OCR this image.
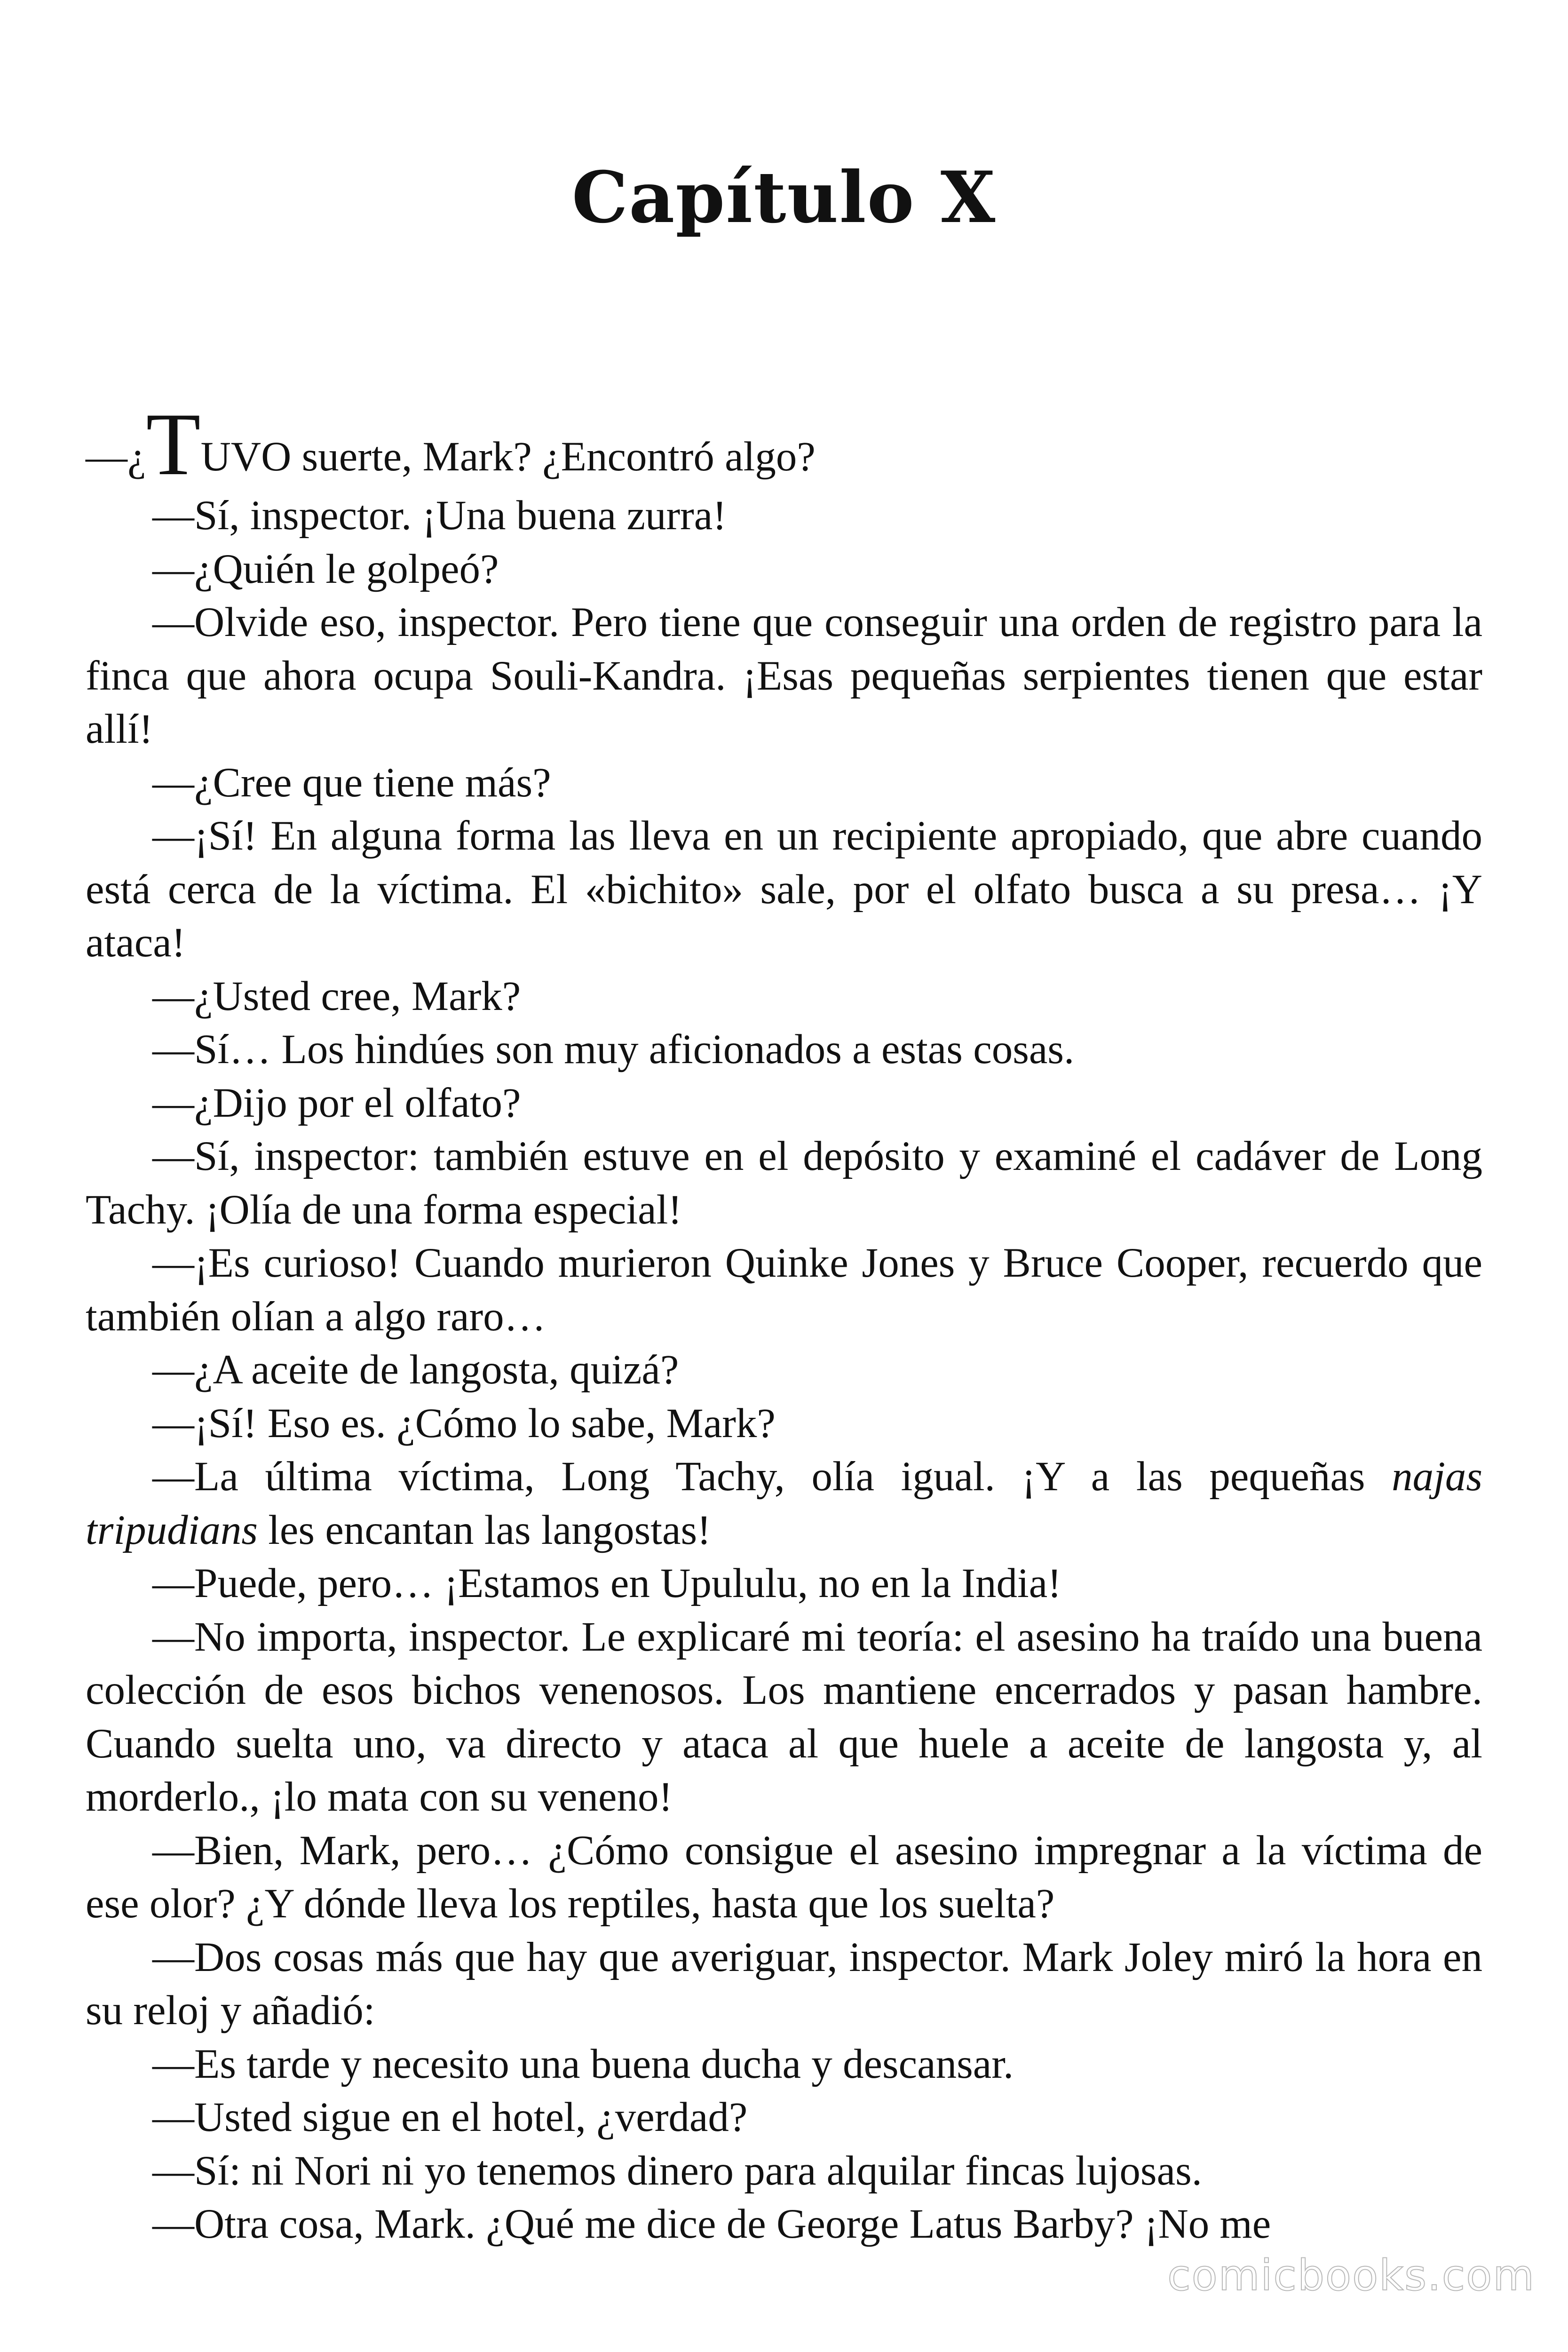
Capítulo X

—¿TUVO suerte, Mark? ¿Encontró algo?

—Sí, inspector. ¡Una buena zurra!

—¿Quién le golpeó?

—Olvide eso, inspector. Pero tiene que conseguir una orden de registro para la finca que ahora ocupa Souli-Kandra. ¡Esas pequeñas serpientes tienen que estar allí!

—¿Cree que tiene más?

—¡Sí! En alguna forma las lleva en un recipiente apropiado, que abre cuando está cerca de la víctima. El «bichito» sale, por el olfato busca a su presa… ¡Y ataca!

—¿Usted cree, Mark?

—Sí… Los hindúes son muy aficionados a estas cosas.

—¿Dijo por el olfato?

—Sí, inspector: también estuve en el depósito y examiné el cadáver de Long Tachy. ¡Olía de una forma especial!

—¡Es curioso! Cuando murieron Quinke Jones y Bruce Cooper, recuerdo que también olían a algo raro…

—¿A aceite de langosta, quizá?

—¡Sí! Eso es. ¿Cómo lo sabe, Mark?

—La última víctima, Long Tachy, olía igual. ¡Y a las pequeñas najas tripudians les encantan las langostas!

—Puede, pero… ¡Estamos en Upululu, no en la India!

—No importa, inspector. Le explicaré mi teoría: el asesino ha traído una buena colección de esos bichos venenosos. Los mantiene encerrados y pasan hambre. Cuando suelta uno, va directo y ataca al que huele a aceite de langosta y, al morderlo., ¡lo mata con su veneno!

—Bien, Mark, pero… ¿Cómo consigue el asesino impregnar a la víctima de ese olor? ¿Y dónde lleva los reptiles, hasta que los suelta?

—Dos cosas más que hay que averiguar, inspector. Mark Joley miró la hora en su reloj y añadió:

—Es tarde y necesito una buena ducha y descansar.

—Usted sigue en el hotel, ¿verdad?

—Sí: ni Nori ni yo tenemos dinero para alquilar fincas lujosas.

—Otra cosa, Mark. ¿Qué me dice de George Latus Barby? ¡No me

comicbooks.com
